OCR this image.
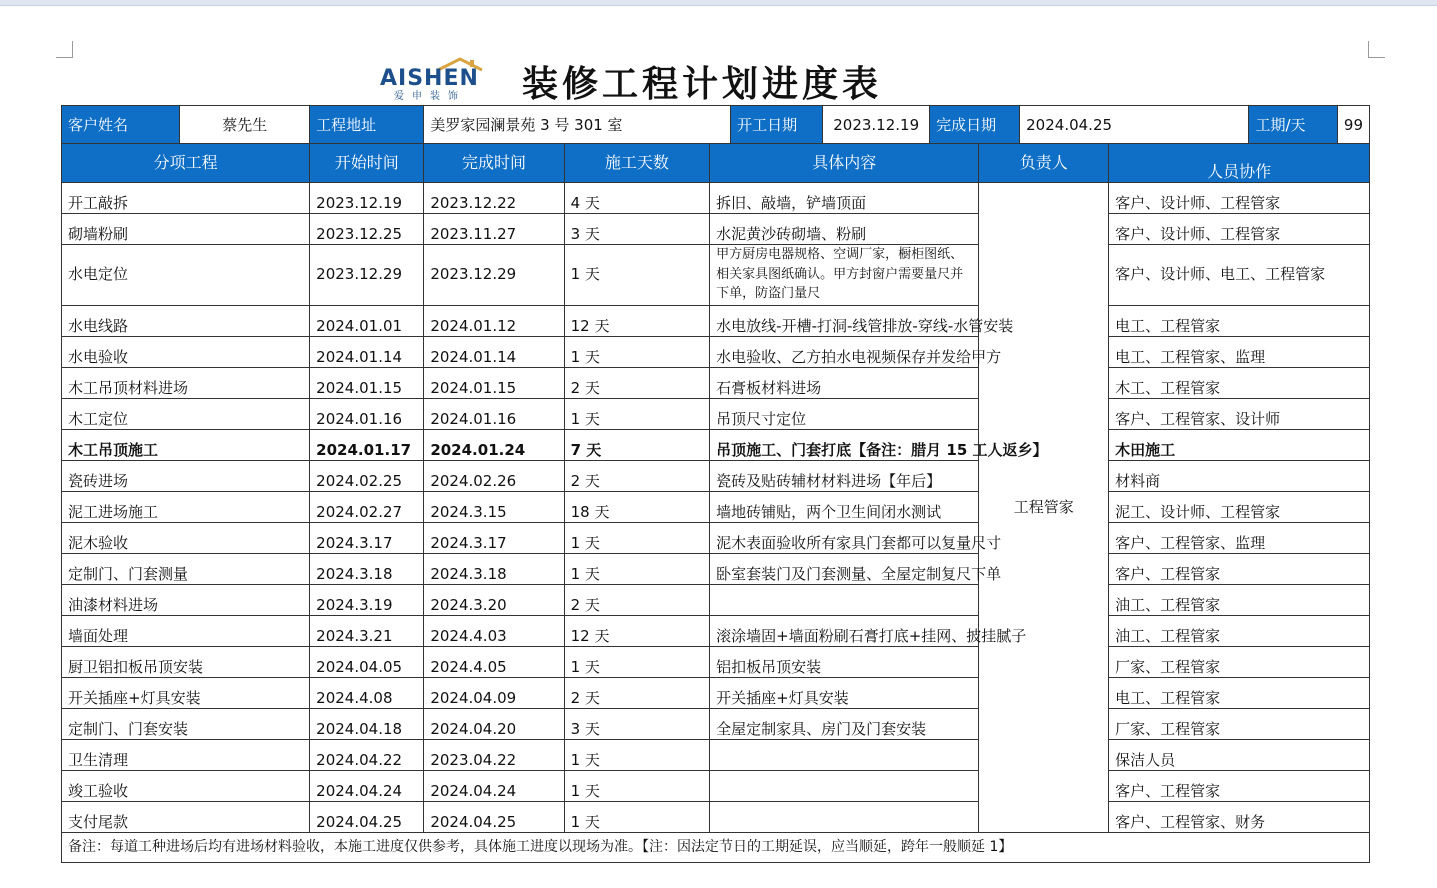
AISHEN
爱申装饰 装修工程计划进度表
客户姓名	蔡先生	工程地址	美罗家园澜景苑 3 号 301 室			开工日期	2023.12.19	完成日期		2024.04.25		工期/天 99

分项工程		开始时间	完成时间	施工天数	具体内容				负责人		人员协作	
开工敲拆		2023.12.19	2023.12.22	4 天	拆旧、敲墙，铲墙顶面				工程管家		客户、设计师、工程管家	
砌墙粉刷		2023.12.25	2023.11.27	3 天	水泥黄沙砖砌墙、粉刷						客户、设计师、工程管家	
水电定位		2023.12.29	2023.12.29	1 天	甲方厨房电器规格、空调厂家，橱柜图纸、相关家具图纸确认。甲方封窗户需要量尺并下单，防盗门量尺						客户、设计师、电工、工程管家	
水电线路		2024.01.01	2024.01.12	12 天	水电放线-开槽-打洞-线管排放-穿线-水管安装						电工、工程管家	
水电验收		2024.01.14	2024.01.14	1 天	水电验收、乙方拍水电视频保存并发给甲方						电工、工程管家、监理	
木工吊顶材料进场		2024.01.15	2024.01.15	2 天	石膏板材料进场						木工、工程管家	
木工定位		2024.01.16	2024.01.16	1 天	吊顶尺寸定位						客户、工程管家、设计师	
木工吊顶施工		2024.01.17	2024.01.24	7 天	吊顶施工、门套打底【备注：腊月 15 工人返乡】						木田施工	
瓷砖进场		2024.02.25	2024.02.26	2 天	瓷砖及贴砖辅材材料进场【年后】						材料商	
泥工进场施工		2024.02.27	2024.3.15	18 天	墙地砖铺贴，两个卫生间闭水测试						泥工、设计师、工程管家	
泥木验收		2024.3.17	2024.3.17	1 天	泥木表面验收所有家具门套都可以复量尺寸						客户、工程管家、监理	
定制门、门套测量		2024.3.18	2024.3.18	1 天	卧室套装门及门套测量、全屋定制复尺下单						客户、工程管家	
油漆材料进场		2024.3.19	2024.3.20	2 天							油工、工程管家	
墙面处理		2024.3.21	2024.4.03	12 天	滚涂墙固+墙面粉刷石膏打底+挂网、披挂腻子						油工、工程管家	
厨卫铝扣板吊顶安装		2024.04.05	2024.4.05	1 天	铝扣板吊顶安装						厂家、工程管家	
开关插座+灯具安装		2024.4.08	2024.04.09	2 天	开关插座+灯具安装						电工、工程管家	
定制门、门套安装		2024.04.18	2024.04.20	3 天	全屋定制家具、房门及门套安装						厂家、工程管家	
卫生清理		2024.04.22	2023.04.22	1 天							保洁人员	
竣工验收		2024.04.24	2024.04.24	1 天							客户、工程管家	
支付尾款		2024.04.25	2024.04.25	1 天							客户、工程管家、财务	
备注：每道工种进场后均有进场材料验收，本施工进度仅供参考，具体施工进度以现场为准。【注：因法定节日的工期延误，应当顺延，跨年一般顺延 1】												
